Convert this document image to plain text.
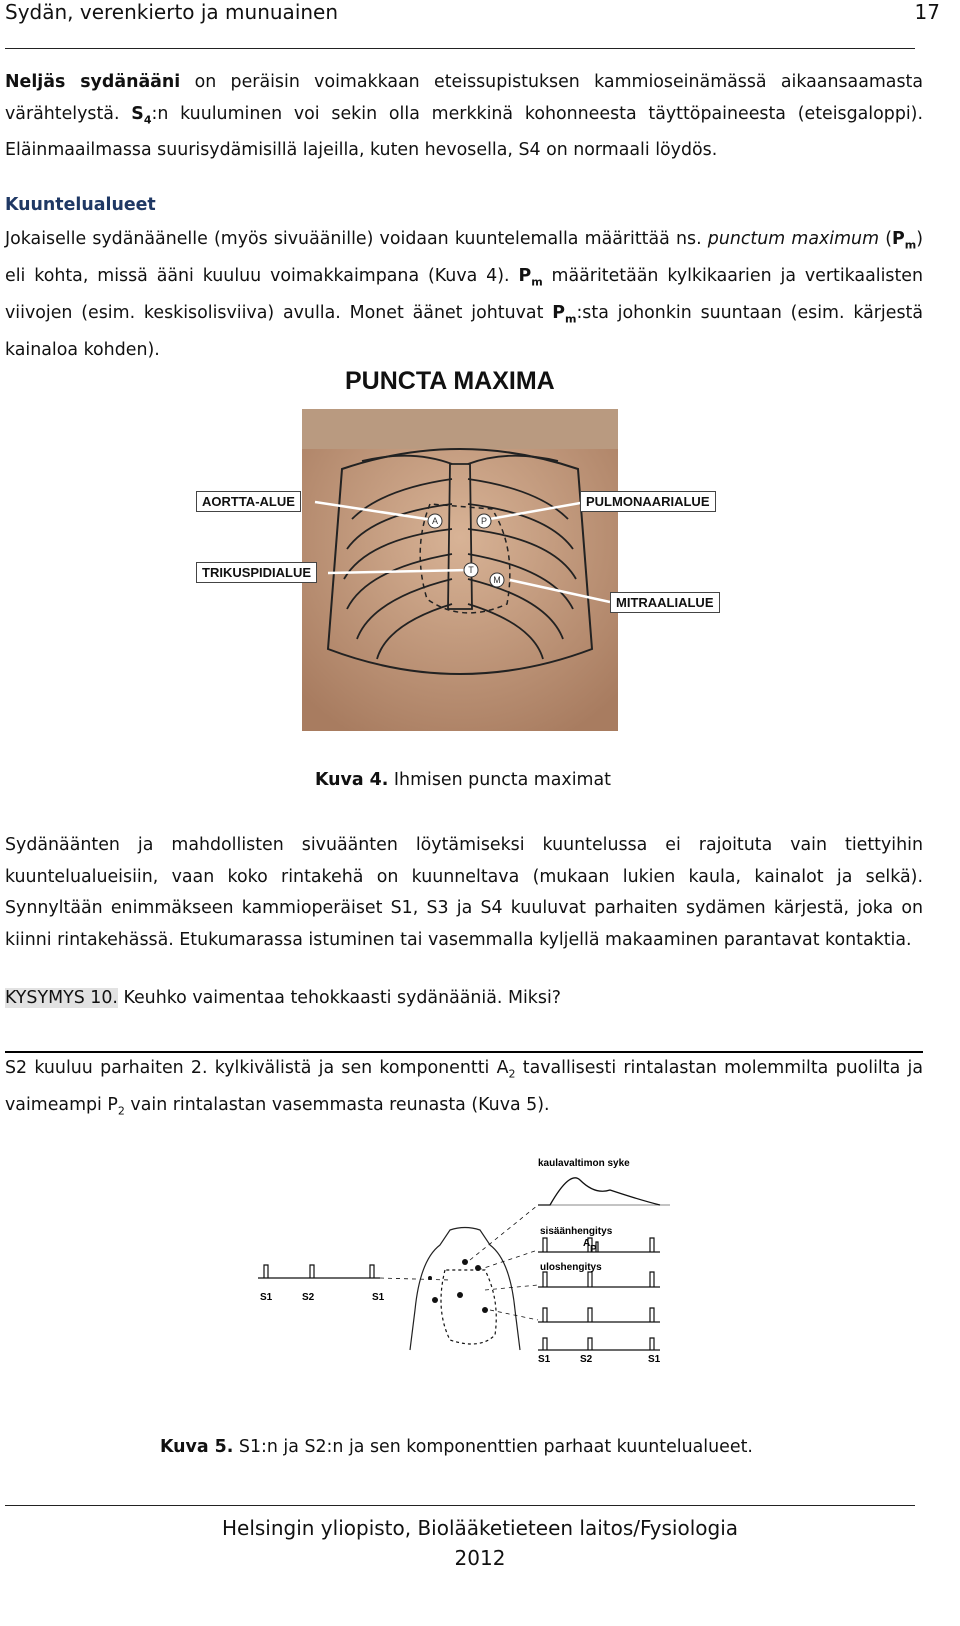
Sydän, verenkierto ja munuainen	17

Neljäs sydänääni on peräisin voimakkaan eteissupistuksen kammioseinämässä aikaansaamasta värähtelystä. $S_4:n$ kuuluminen voi sekin olla merkkinä kohonneesta täyttöpaineesta (eteisgaloppi). Eläinmaailmassa suurisydämisillä lajeilla, kuten hevosella, S4 on normaali löydös.

Kuuntelualueet

Jokaiselle sydänäänelle (myös sivuäänille) voidaan kuuntelemalla määrittää ns. punctum maximum $(P_m)$ eli kohta, missä ääni kuuluu voimakkaimpana (Kuva 4). $P_m$ määritetään kylkikaarien ja vertikaalisten viivojen (esim. keskisolisviiva) avulla. Monet äänet johtuvat $P_m:sta$ johonkin suuntaan (esim. kärjestä kainaloa kohden).

PUNCTA MAXIMA
A	P
T
M
AORTTA-ALUE	PULMONAARIALUE
TRIKUSPIDIALUE
MITRAALIALUE
Kuva 4. Ihmisen puncta maximat

Sydänäänten ja mahdollisten sivuäänten löytämiseksi kuuntelussa ei rajoituta vain tiettyihin kuuntelualueisiin, vaan koko rintakehä on kuunneltava (mukaan lukien kaula, kainalot ja selkä). Synnyltään enimmäkseen kammioperäiset S1, S3 ja S4 kuuluvat parhaiten sydämen kärjestä, joka on kiinni rintakehässä. Etukumarassa istuminen tai vasemmalla kyljellä makaaminen parantavat kontaktia.

KYSYMYS 10. Keuhko vaimentaa tehokkaasti sydänääniä. Miksi?

S2 kuuluu parhaiten 2. kylkivälistä ja sen komponentti $A_2$ tavallisesti rintalastan molemmilta puolilta ja vaimeampi $P_2$ vain rintalastan vasemmasta reunasta (Kuva 5).

kaulavaltimon syke
sisäänhengitys
A
P
uloshengitys
S1	S2	S1
S1	S2	S1
Kuva 5. S1:n ja S2:n ja sen komponenttien parhaat kuuntelualueet.
Helsingin yliopisto, Biolääketieteen laitos/Fysiologia
2012
